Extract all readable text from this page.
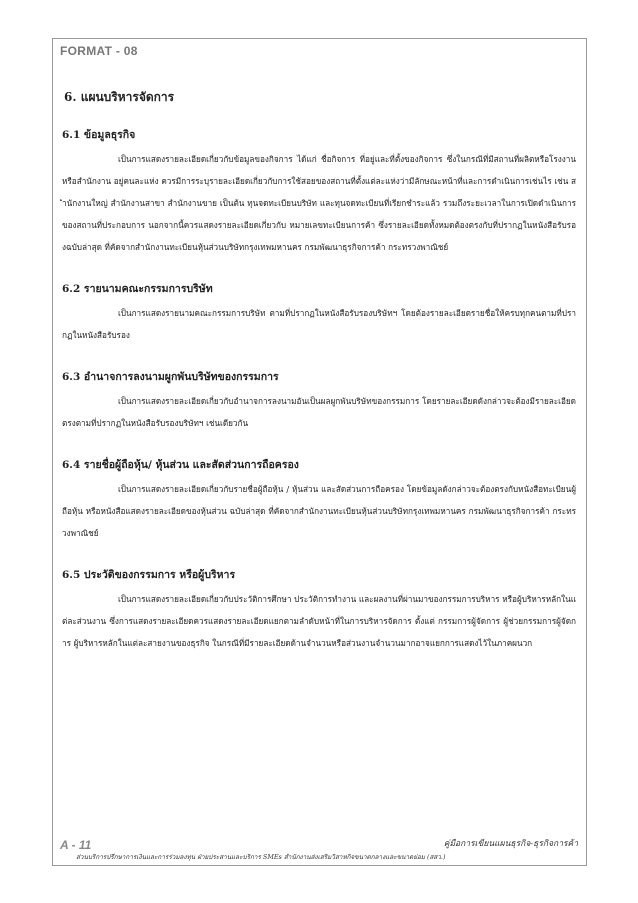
FORMAT - 08
6. แผนบริหารจัดการ
6.1 ข้อมูลธุรกิจ

เป็นการแสดงรายละเอียดเกี่ยวกับข้อมูลของกิจการ ได้แก่ ชื่อกิจการ ที่อยู่และที่ตั้งของกิจการ ซึ่งในกรณีที่มีสถานที่ผลิตหรือโรงงาน หรือสำนักงาน อยู่คนละแห่ง ควรมีการระบุรายละเอียดเกี่ยวกับการใช้สอยของสถานที่ตั้งแต่ละแห่งว่ามีลักษณะหน้าที่และการดำเนินการเช่นไร เช่น สำนักงานใหญ่ สำนักงานสาขา สำนักงานขาย เป็นต้น ทุนจดทะเบียนบริษัท และทุนจดทะเบียนที่เรียกชำระแล้ว รวมถึงระยะเวลาในการเปิดดำเนินการของสถานที่ประกอบการ นอกจากนี้ควรแสดงรายละเอียดเกี่ยวกับ หมายเลขทะเบียนการค้า ซึ่งรายละเอียดทั้งหมดต้องตรงกับที่ปรากฏในหนังสือรับรองฉบับล่าสุด ที่คัดจากสำนักงานทะเบียนหุ้นส่วนบริษัทกรุงเทพมหานคร กรมพัฒนาธุรกิจการค้า กระทรวงพาณิชย์

6.2 รายนามคณะกรรมการบริษัท

เป็นการแสดงรายนามคณะกรรมการบริษัท ตามที่ปรากฏในหนังสือรับรองบริษัทฯ โดยต้องรายละเอียดรายชื่อให้ครบทุกคนตามที่ปรากฏในหนังสือรับรอง

6.3 อำนาจการลงนามผูกพันบริษัทของกรรมการ

เป็นการแสดงรายละเอียดเกี่ยวกับอำนาจการลงนามอันเป็นผลผูกพันบริษัทของกรรมการ โดยรายละเอียดดังกล่าวจะต้องมีรายละเอียดตรงตามที่ปรากฏในหนังสือรับรองบริษัทฯ เช่นเดียวกัน

6.4 รายชื่อผู้ถือหุ้น/ หุ้นส่วน และสัดส่วนการถือครอง

เป็นการแสดงรายละเอียดเกี่ยวกับรายชื่อผู้ถือหุ้น / หุ้นส่วน และสัดส่วนการถือครอง โดยข้อมูลดังกล่าวจะต้องตรงกับหนังสือทะเบียนผู้ถือหุ้น หรือหนังสือแสดงรายละเอียดของหุ้นส่วน ฉบับล่าสุด ที่คัดจากสำนักงานทะเบียนหุ้นส่วนบริษัทกรุงเทพมหานคร กรมพัฒนาธุรกิจการค้า กระทรวงพาณิชย์

6.5 ประวัติของกรรมการ หรือผู้บริหาร

เป็นการแสดงรายละเอียดเกี่ยวกับประวัติการศึกษา ประวัติการทำงาน และผลงานที่ผ่านมาของกรรมการบริหาร หรือผู้บริหารหลักในแต่ละส่วนงาน ซึ่งการแสดงรายละเอียดควรแสดงรายละเอียดแยกตามลำดับหน้าที่ในการบริหารจัดการ ตั้งแต่ กรรมการผู้จัดการ ผู้ช่วยกรรมการผู้จัดการ ผู้บริหารหลักในแต่ละสายงานของธุรกิจ ในกรณีที่มีรายละเอียดด้านจำนวนหรือส่วนงานจำนวนมากอาจแยกการแสดงไว้ในภาคผนวก

A - 11	คู่มือการเขียนแผนธุรกิจ-ธุรกิจการค้า
ส่วนบริการปรึกษาการเงินและการร่วมลงทุน ฝ่ายประสานและบริการ SMEs สำนักงานส่งเสริมวิสาหกิจขนาดกลางและขนาดย่อม (สสว.)
